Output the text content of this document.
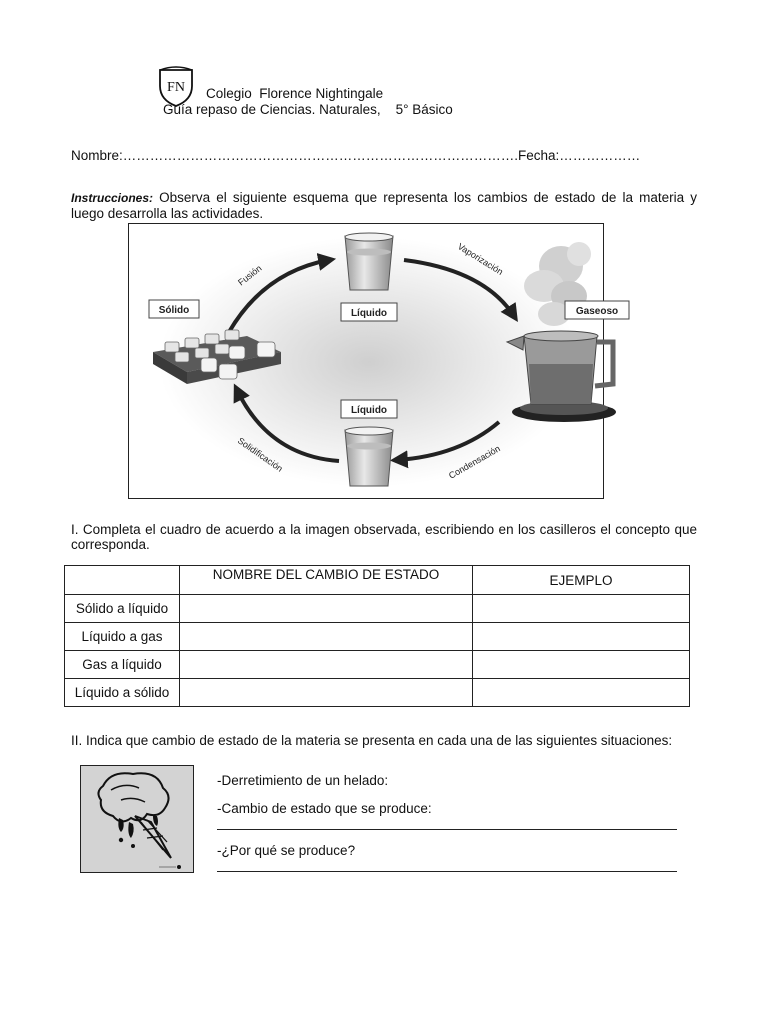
FN Colegio  Florence Nightingale
Guía repaso de Ciencias. Naturales,    5° Básico
Nombre:…………………………………………………………………………….Fecha:………………
Instrucciones: Observa el siguiente esquema que representa los cambios de estado de la materia y luego desarrolla las actividades.
Fusión	Vaporización
Condensación
Solidificación
Sólido	Líquido	Gaseoso
Líquido
I. Completa el cuadro de acuerdo a la imagen observada, escribiendo en los casilleros el concepto que corresponda.
	NOMBRE DEL CAMBIO DE ESTADO	EJEMPLO
Sólido a líquido		
Líquido a gas		
Gas a líquido		
Líquido a sólido		
II. Indica que cambio de estado de la materia se presenta en cada una de las siguientes situaciones:
-Derretimiento de un helado:
-Cambio de estado que se produce:
-¿Por qué se produce?
